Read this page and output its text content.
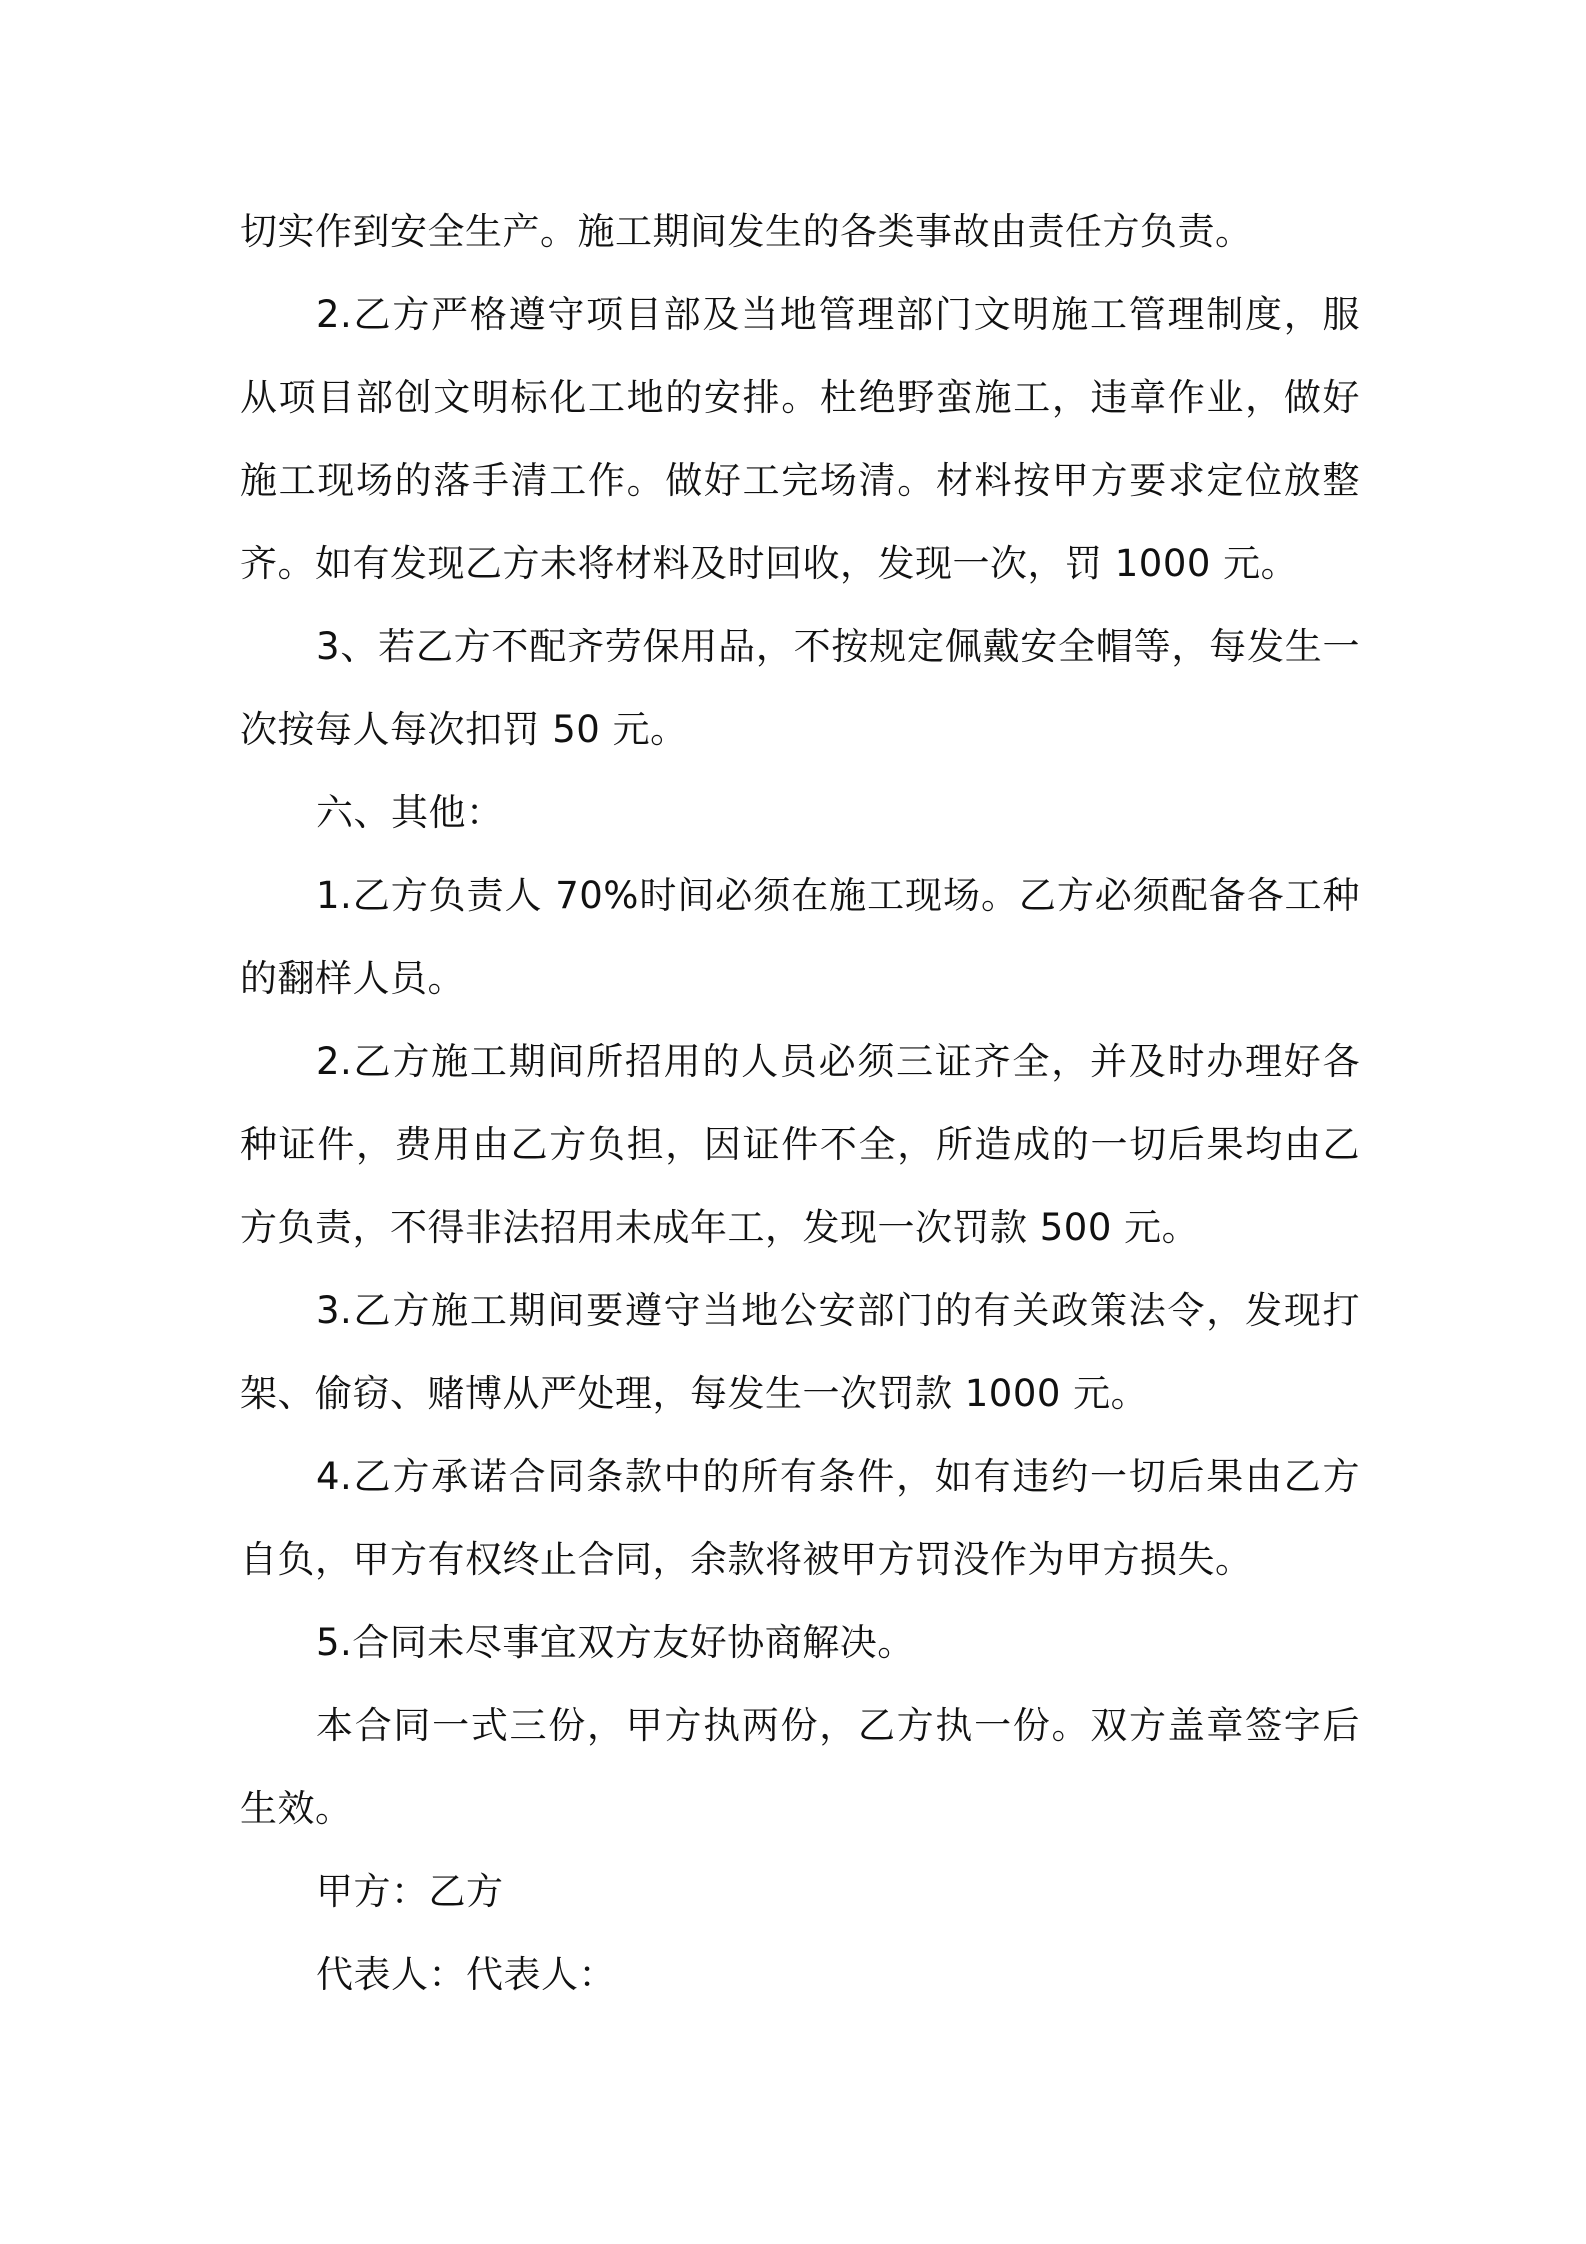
切实作到安全生产。施工期间发生的各类事故由责任方负责。

2.乙方严格遵守项目部及当地管理部门文明施工管理制度，服从项目部创文明标化工地的安排。杜绝野蛮施工，违章作业，做好施工现场的落手清工作。做好工完场清。材料按甲方要求定位放整齐。如有发现乙方未将材料及时回收，发现一次，罚 1000 元。

3、若乙方不配齐劳保用品，不按规定佩戴安全帽等，每发生一次按每人每次扣罚 50 元。

六、其他：

1.乙方负责人 70%时间必须在施工现场。乙方必须配备各工种的翻样人员。

2.乙方施工期间所招用的人员必须三证齐全，并及时办理好各种证件，费用由乙方负担，因证件不全，所造成的一切后果均由乙方负责，不得非法招用未成年工，发现一次罚款 500 元。

3.乙方施工期间要遵守当地公安部门的有关政策法令，发现打架、偷窃、赌博从严处理，每发生一次罚款 1000 元。

4.乙方承诺合同条款中的所有条件，如有违约一切后果由乙方自负，甲方有权终止合同，余款将被甲方罚没作为甲方损失。

5.合同未尽事宜双方友好协商解决。

本合同一式三份，甲方执两份，乙方执一份。双方盖章签字后生效。

甲方：乙方

代表人：代表人：
